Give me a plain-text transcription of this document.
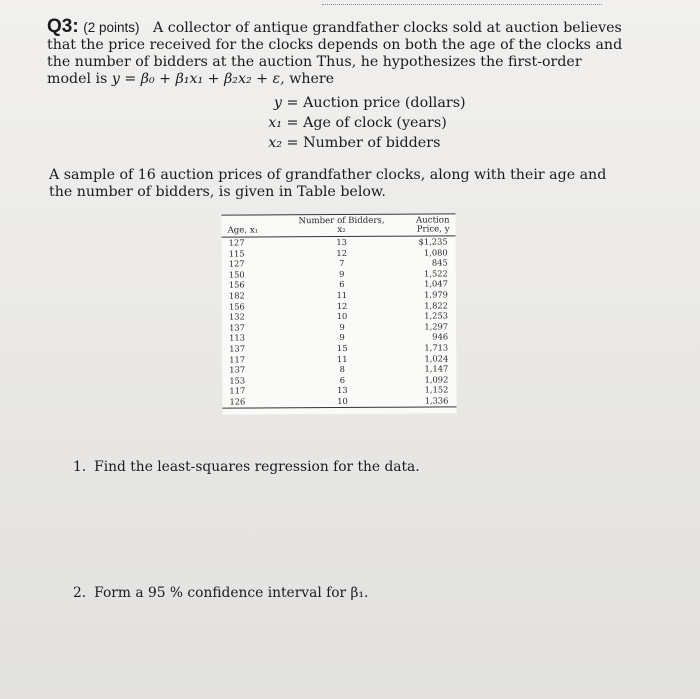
Q3: (2 points) A collector of antique grandfather clocks sold at auction believes that the price received for the clocks depends on both the age of the clocks and the number of bidders at the auction Thus, he hypothesizes the first-order model is y = β₀ + β₁x₁ + β₂x₂ + ε, where
y = Auction price (dollars)
x₁ = Age of clock (years)
x₂ = Number of bidders
A sample of 16 auction prices of grandfather clocks, along with their age and the number of bidders, is given in Table below.
Age, x₁	Number of Bidders, x₂	Auction Price, y
127	13	$1,235
115	12	1,080
127	7	845
150	9	1,522
156	6	1,047
182	11	1,979
156	12	1,822
132	10	1,253
137	9	1,297
113	9	946
137	15	1,713
117	11	1,024
137	8	1,147
153	6	1,092
117	13	1,152
126	10	1,336
1. Find the least-squares regression for the data.
2. Form a 95 % confidence interval for β₁.
